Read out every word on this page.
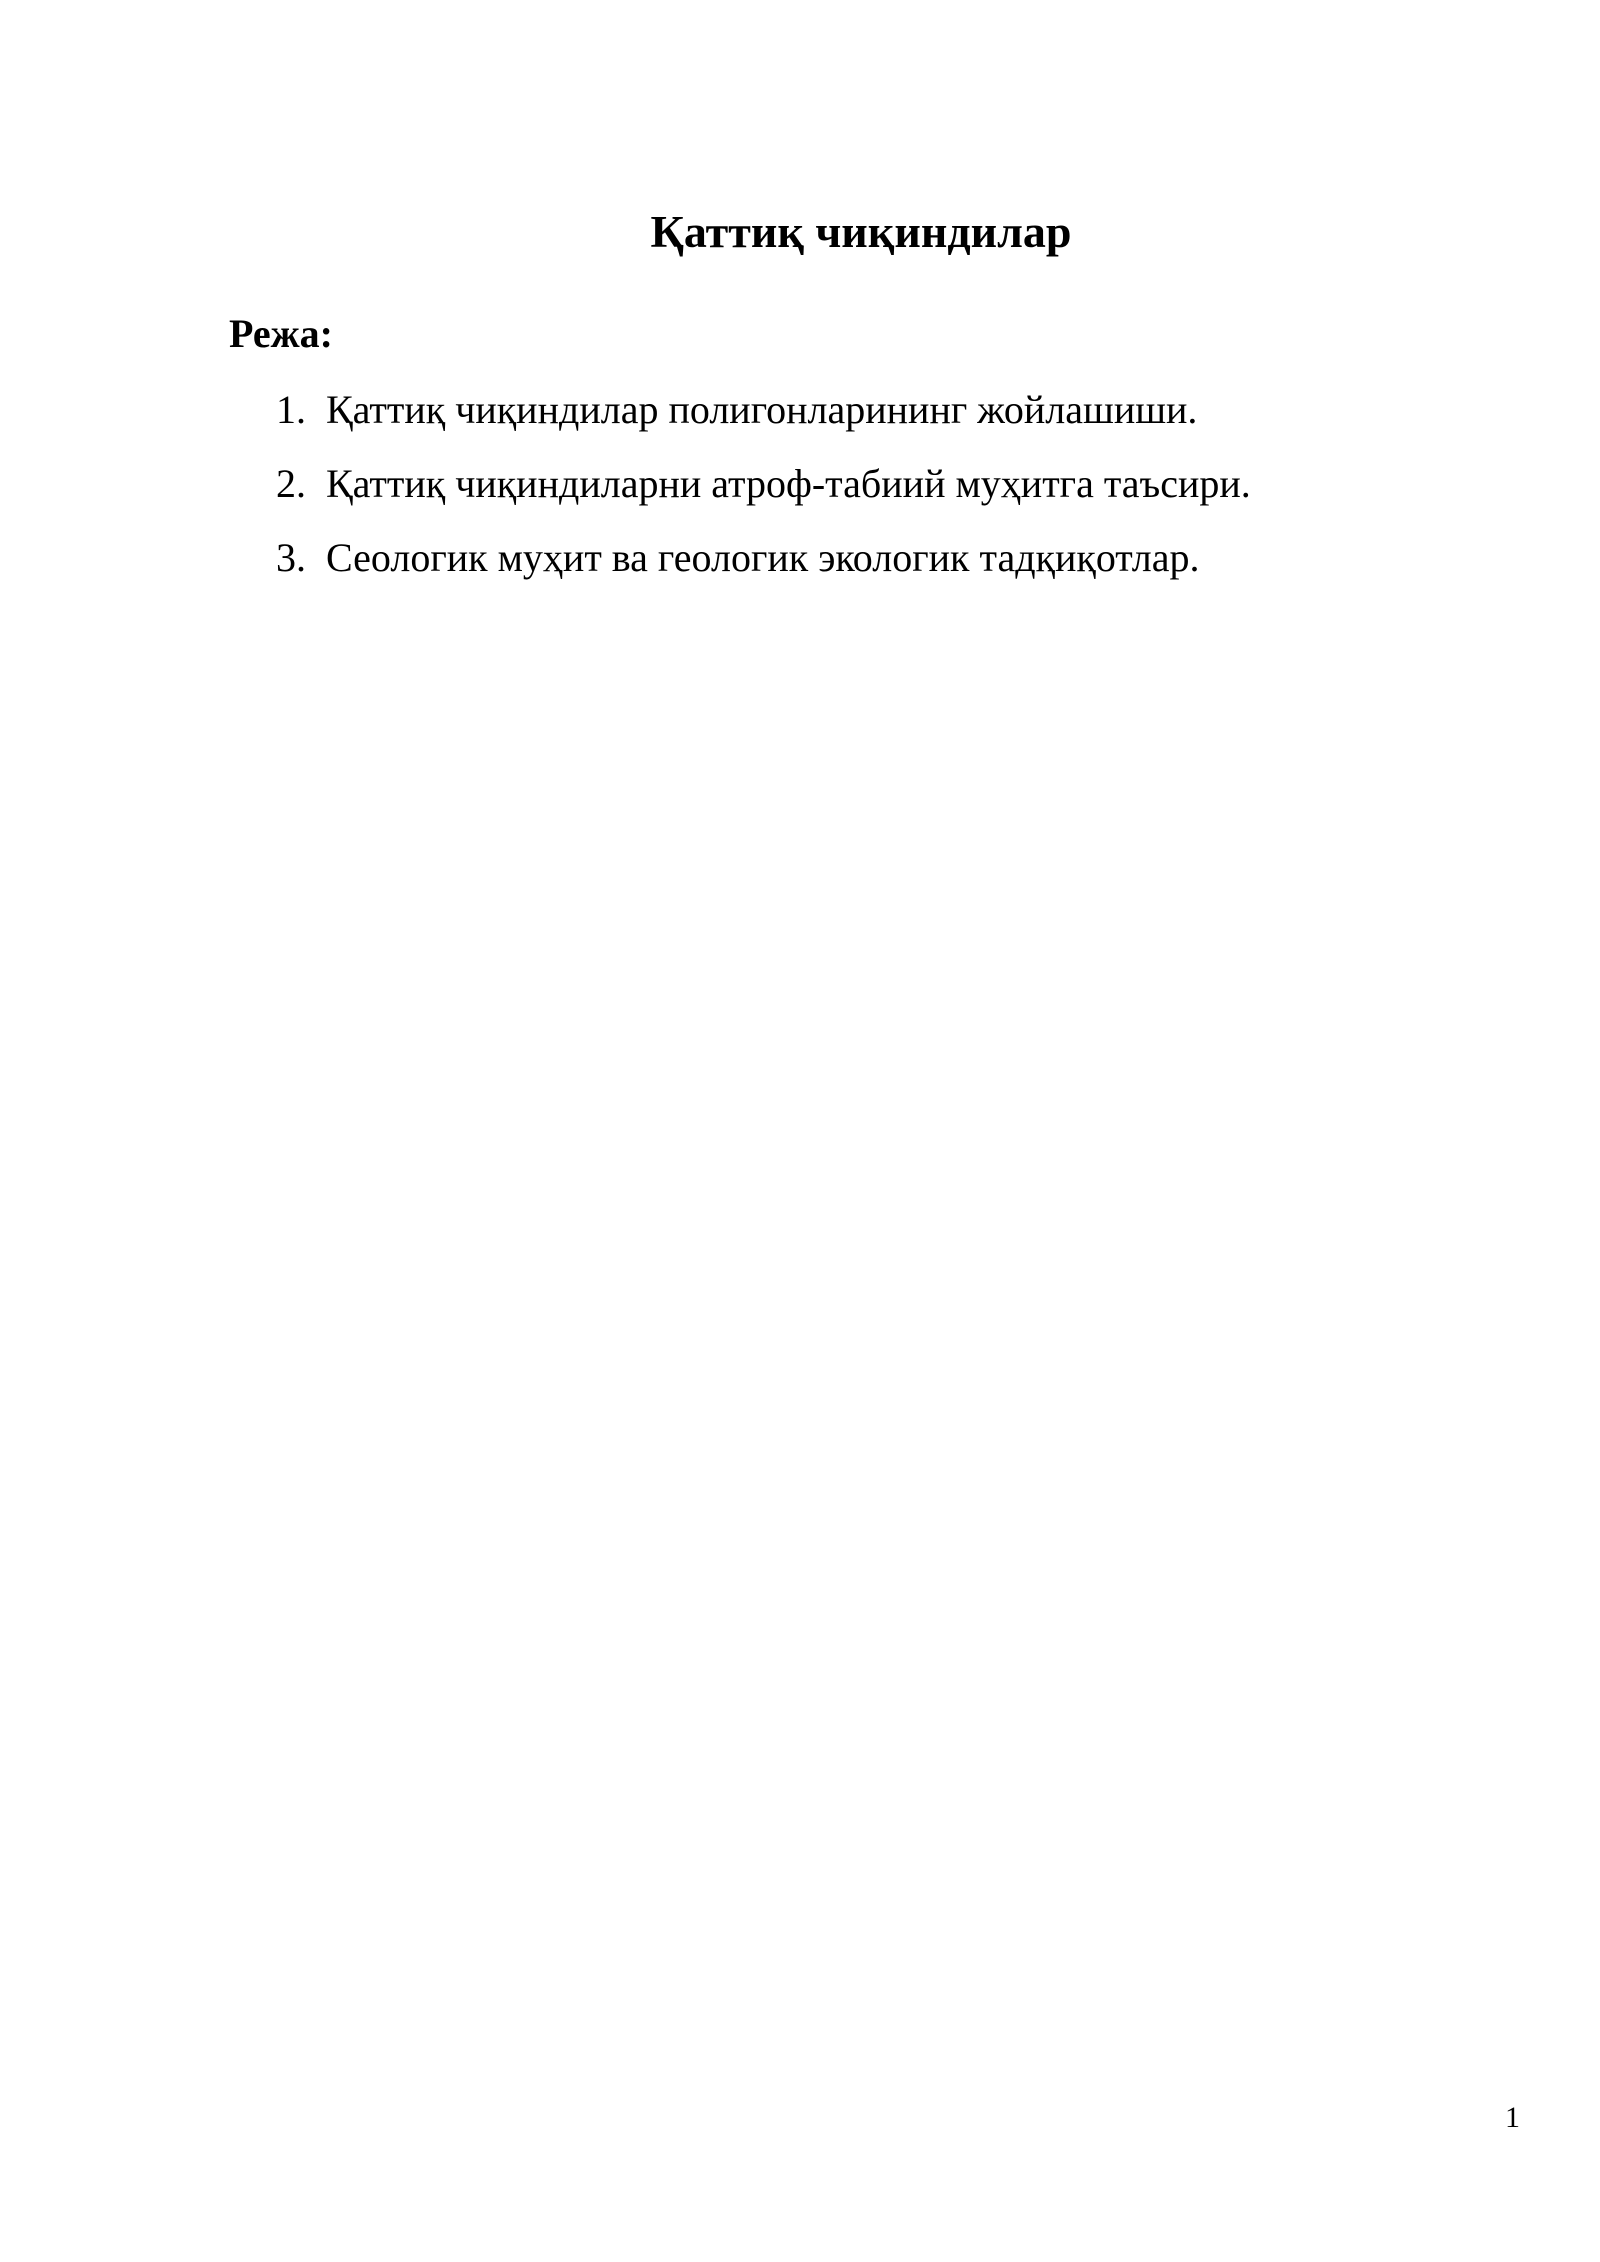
Қаттиқ чиқиндилар
Режа:
1. Қаттиқ чиқиндилар полигонларининг жойлашиши.
2. Қаттиқ чиқиндиларни атроф-табиий муҳитга таъсири.
3. Сеологик муҳит ва геологик экологик тадқиқотлар.
1
